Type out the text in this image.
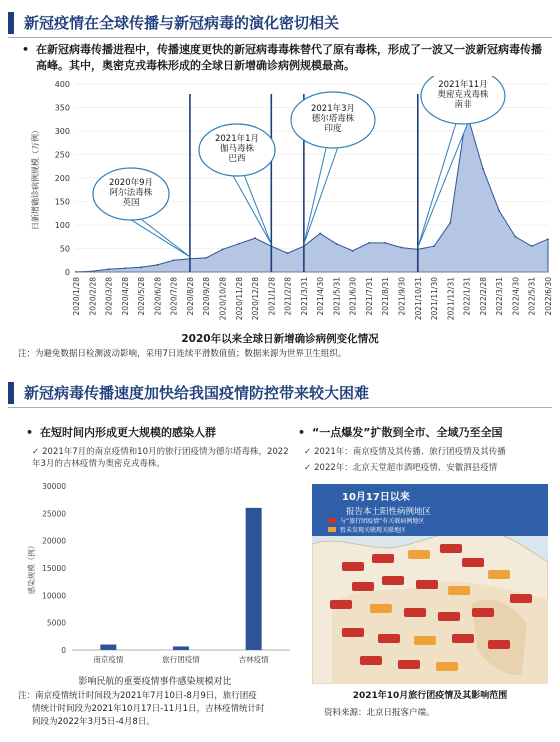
新冠疫情在全球传播与新冠病毒的演化密切相关
• 在新冠病毒传播进程中，传播速度更快的新冠病毒毒株替代了原有毒株，形成了一波又一波新冠病毒传播高峰。其中，奥密克戎毒株形成的全球日新增确诊病例规模最高。
0
50
100
150
200
250
300
350
400
日新增确诊病例规模（万例）
2020/1/28 2020/2/28 2020/3/28 2020/4/28 2020/5/28 2020/6/28 2020/7/28 2020/8/28 2020/9/28 2020/10/28 2020/11/28 2020/12/28 2021/1/28 2021/2/28 2021/3/31 2021/4/30 2021/5/31 2021/6/30 2021/7/31 2021/8/31 2021/9/30 2021/10/31 2021/11/30 2021/12/31 2022/1/31 2022/2/28 2022/3/31 2022/4/30 2022/5/31 2022/6/30
2020年9月
阿尔法毒株
英国
2021年1月
伽马毒株
巴西
2021年3月
德尔塔毒株
印度
2021年11月
奥密克戎毒株
南非
2020年以来全球日新增确诊病例变化情况
注：为避免数据日检测波动影响，采用7日连续平滑数值值；数据来源为世界卫生组织。
新冠病毒传播速度加快给我国疫情防控带来较大困难
• 在短时间内形成更大规模的感染人群
✓ 2021年7月的南京疫情和10月的旅行团疫情为德尔塔毒株，2022年3月的吉林疫情为奥密克戎毒株。
0
5000
10000
15000
20000
25000
30000
感染规模（例）
南京疫情	旅行团疫情	吉林疫情
影响民航的重要疫情事件感染规模对比
注：南京疫情统计时间段为2021年7月10日-8月9日，旅行团疫
情统计时间段为2021年10月17日-11月1日，吉林疫情统计时
间段为2022年3月5日-4月8日。
• “一点爆发”扩散到全市、全域乃至全国
✓ 2021年：南京疫情及其传播、旅行团疫情及其传播
✓ 2022年：北京天堂超市酒吧疫情、安徽泗县疫情
10月17日以来
报告本土阳性病例地区
与“旅行团疫情”有关联病例地区
暂未发现关联现关联地区
2021年10月旅行团疫情及其影响范围
资料来源：北京日报客户端。
